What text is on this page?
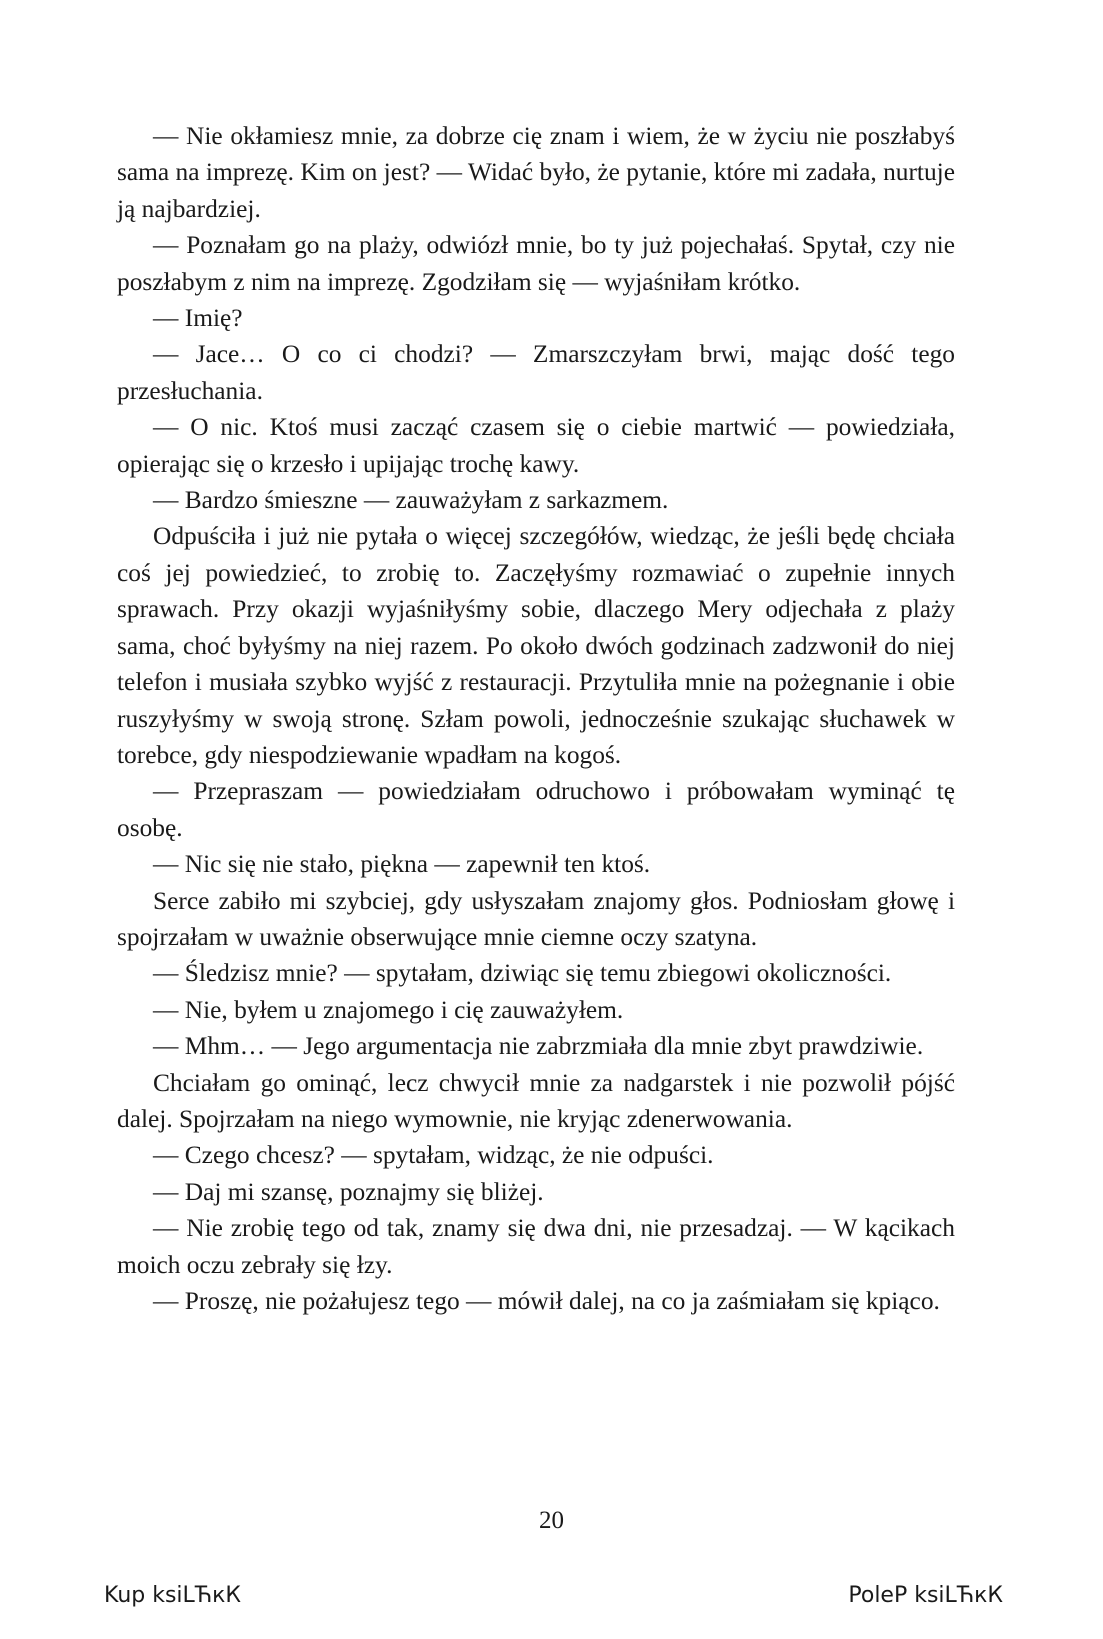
— Nie okłamiesz mnie, za dobrze cię znam i wiem, że w życiu nie poszłabyś sama na imprezę. Kim on jest? — Widać było, że pytanie, które mi zadała, nurtuje ją najbardziej.

— Poznałam go na plaży, odwiózł mnie, bo ty już pojechałaś. Spytał, czy nie poszłabym z nim na imprezę. Zgodziłam się — wyjaśniłam krótko.

— Imię?

— Jace… O co ci chodzi? — Zmarszczyłam brwi, mając dość tego przesłuchania.

— O nic. Ktoś musi zacząć czasem się o ciebie martwić — powiedziała, opierając się o krzesło i upijając trochę kawy.

— Bardzo śmieszne — zauważyłam z sarkazmem.

Odpuściła i już nie pytała o więcej szczegółów, wiedząc, że jeśli będę chciała coś jej powiedzieć, to zrobię to. Zaczęłyśmy rozmawiać o zupełnie innych sprawach. Przy okazji wyjaśniłyśmy sobie, dlaczego Mery odjechała z plaży sama, choć byłyśmy na niej razem. Po około dwóch godzinach zadzwonił do niej telefon i musiała szybko wyjść z restauracji. Przytuliła mnie na pożegnanie i obie ruszyłyśmy w swoją stronę. Szłam powoli, jednocześnie szukając słuchawek w torebce, gdy niespodziewanie wpadłam na kogoś.

— Przepraszam — powiedziałam odruchowo i próbowałam wyminąć tę osobę.

— Nic się nie stało, piękna — zapewnił ten ktoś.

Serce zabiło mi szybciej, gdy usłyszałam znajomy głos. Podniosłam głowę i spojrzałam w uważnie obserwujące mnie ciemne oczy szatyna.

— Śledzisz mnie? — spytałam, dziwiąc się temu zbiegowi okoliczności.

— Nie, byłem u znajomego i cię zauważyłem.

— Mhm… — Jego argumentacja nie zabrzmiała dla mnie zbyt prawdziwie.

Chciałam go ominąć, lecz chwycił mnie za nadgarstek i nie pozwolił pójść dalej. Spojrzałam na niego wymownie, nie kryjąc zdenerwowania.

— Czego chcesz? — spytałam, widząc, że nie odpuści.

— Daj mi szansę, poznajmy się bliżej.

— Nie zrobię tego od tak, znamy się dwa dni, nie przesadzaj. — W kącikach moich oczu zebrały się łzy.

— Proszę, nie pożałujesz tego — mówił dalej, na co ja zaśmiałam się kpiąco.

20
Kup ksiLЋкК	PoleP ksiLЋкК
